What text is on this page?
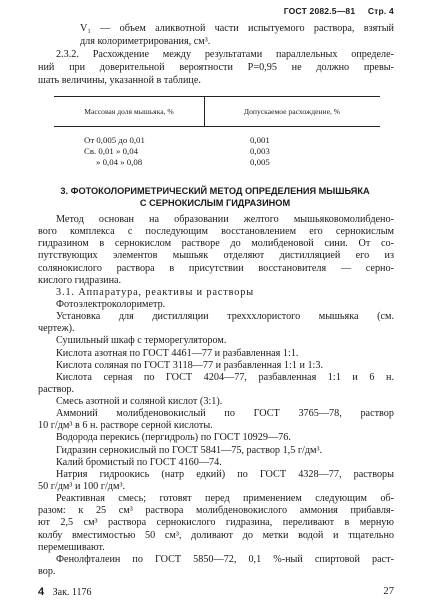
ГОСТ 2082.5—81 Стр. 4
V₁ — объем аликвотной части испытуемого раствора, взятый
для колориметрирования, см³.
2.3.2. Расхождение между результатами параллельных определе-
ний при доверительной вероятности P=0,95 не должно превы-
шать величины, указанной в таблице.
Массовая доля мышьяка, %	Допускаемое расхождение, %
От 0,005 до 0,01	0,001
Св. 0,01 » 0,04	0,003
» 0,04 » 0,08	0,005
3. ФОТОКОЛОРИМЕТРИЧЕСКИЙ МЕТОД ОПРЕДЕЛЕНИЯ МЫШЬЯКА
С СЕРНОКИСЛЫМ ГИДРАЗИНОМ
Метод основан на образовании желтого мышьяковомолибдено-
вого комплекса с последующим восстановлением его сернокислым
гидразином в сернокислом растворе до молибденовой сини. От со-
путствующих элементов мышьяк отделяют дистилляцией его из
солянокислого раствора в присутствии восстановителя — серно-
кислого гидразина.
3.1. Аппаратура, реактивы и растворы
Фотоэлектроколориметр.
Установка для дистилляции трехххлористого мышьяка (см.
чертеж).
Сушильный шкаф с терморегулятором.
Кислота азотная по ГОСТ 4461—77 и разбавленная 1:1.
Кислота соляная по ГОСТ 3118—77 и разбавленная 1:1 и 1:3.
Кислота серная по ГОСТ 4204—77, разбавленная 1:1 и 6 н.
раствор.
Смесь азотной и соляной кислот (3:1).
Аммоний молибденовокислый по ГОСТ 3765—78, раствор
10 г/дм³ в 6 н. растворе серной кислоты.
Водорода перекись (пергидроль) по ГОСТ 10929—76.
Гидразин сернокислый по ГОСТ 5841—75, раствор 1,5 г/дм³.
Калий бромистый по ГОСТ 4160—74.
Натрия гидроокись (натр едкий) по ГОСТ 4328—77, растворы
50 г/дм³ и 100 г/дм³.
Реактивная смесь; готовят перед применением следующим об-
разом: к 25 см³ раствора молибденовокислого аммония прибавля-
ют 2,5 см³ раствора сернокислого гидразина, переливают в мерную
колбу вместимостью 50 см³, доливают до метки водой и тщательно
перемешивают.
4 Зак. 1176	27
Фенолфталеин по ГОСТ 5850—72, 0,1 %-ный спиртовой раст-
вор.
